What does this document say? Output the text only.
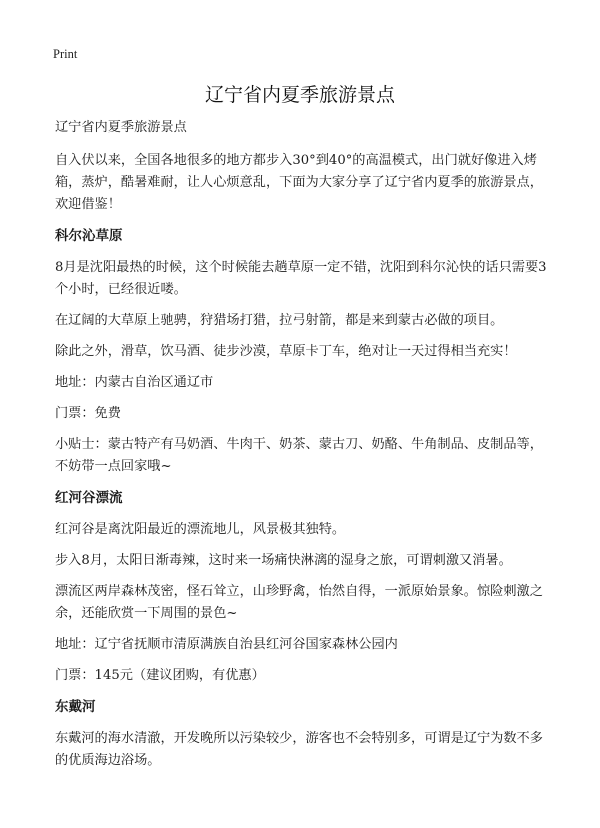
Print
辽宁省内夏季旅游景点

辽宁省内夏季旅游景点

自入伏以来，全国各地很多的地方都步入30°到40°的高温模式，出门就好像进入烤箱，蒸炉，酷暑难耐，让人心烦意乱，下面为大家分享了辽宁省内夏季的旅游景点，欢迎借鉴！

科尔沁草原

8月是沈阳最热的时候，这个时候能去趟草原一定不错，沈阳到科尔沁快的话只需要3个小时，已经很近喽。

在辽阔的大草原上驰骋，狩猎场打猎，拉弓射箭，都是来到蒙古必做的项目。

除此之外，滑草，饮马酒、徒步沙漠，草原卡丁车，绝对让一天过得相当充实！

地址：内蒙古自治区通辽市

门票：免费

小贴士：蒙古特产有马奶酒、牛肉干、奶茶、蒙古刀、奶酪、牛角制品、皮制品等，不妨带一点回家哦~

红河谷漂流

红河谷是离沈阳最近的漂流地儿，风景极其独特。

步入8月，太阳日渐毒辣，这时来一场痛快淋漓的湿身之旅，可谓刺激又消暑。

漂流区两岸森林茂密，怪石耸立，山珍野禽，怡然自得，一派原始景象。惊险刺激之余，还能欣赏一下周围的景色~

地址：辽宁省抚顺市清原满族自治县红河谷国家森林公园内

门票：145元（建议团购，有优惠）

东戴河

东戴河的海水清澈，开发晚所以污染较少，游客也不会特别多，可谓是辽宁为数不多的优质海边浴场。
